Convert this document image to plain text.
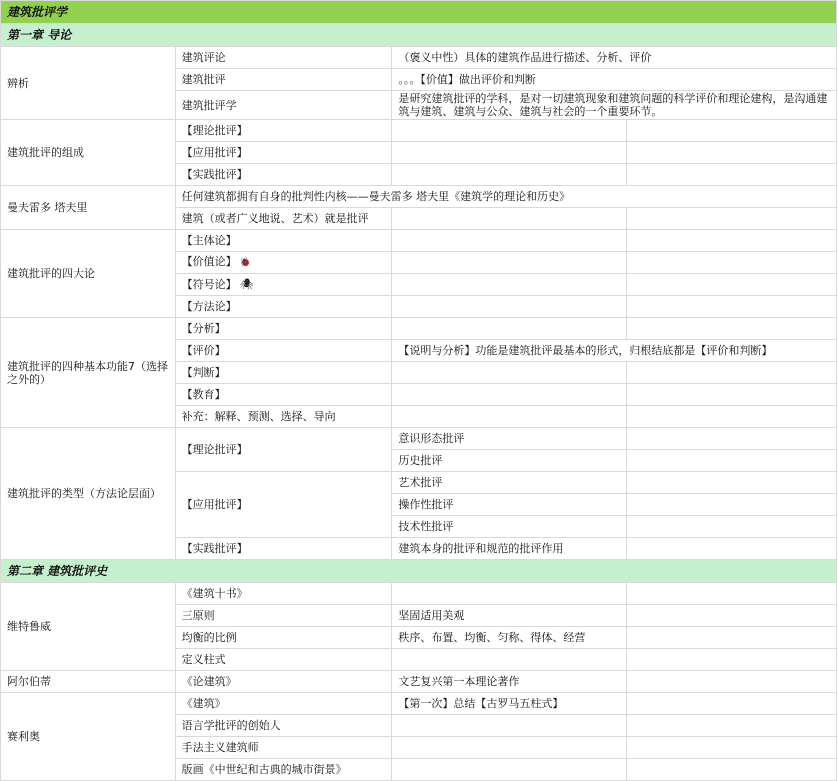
建筑批评学			
第一章 导论			
辨析	建筑评论	（褒义中性）具体的建筑作品进行描述、分析、评价	
	建筑批评	。。。【价值】做出评价和判断	
	建筑批评学	是研究建筑批评的学科，是对一切建筑现象和建筑问题的科学评价和理论建构，是沟通建筑与建筑、建筑与公众、建筑与社会的一个重要环节。	
建筑批评的组成	【理论批评】		
	【应用批评】		
	【实践批评】		
曼夫雷多 塔夫里	任何建筑都拥有自身的批判性内核——曼夫雷多 塔夫里《建筑学的理论和历史》		
	建筑（或者广义地说、艺术）就是批评		
建筑批评的四大论	【主体论】		
	【价值论】 🐞		
	【符号论】 🕷		
	【方法论】		
建筑批评的四种基本功能7（选择之外的）	【分析】		
	【评价】	【说明与分析】功能是建筑批评最基本的形式，归根结底都是【评价和判断】	
	【判断】		
	【教育】		
	补充：解释、预测、选择、导向		
建筑批评的类型（方法论层面）	【理论批评】	意识形态批评	
		历史批评	
	【应用批评】	艺术批评	
		操作性批评	
		技术性批评	
	【实践批评】	建筑本身的批评和规范的批评作用	
第二章 建筑批评史			
维特鲁威	《建筑十书》		
	三原则	坚固适用美观	
	均衡的比例	秩序、布置、均衡、匀称、得体、经营	
	定义柱式		
阿尔伯蒂	《论建筑》	文艺复兴第一本理论著作	
赛利奥	《建筑》	【第一次】总结【古罗马五柱式】	
	语言学批评的创始人		
	手法主义建筑师		
	版画《中世纪和古典的城市街景》		
